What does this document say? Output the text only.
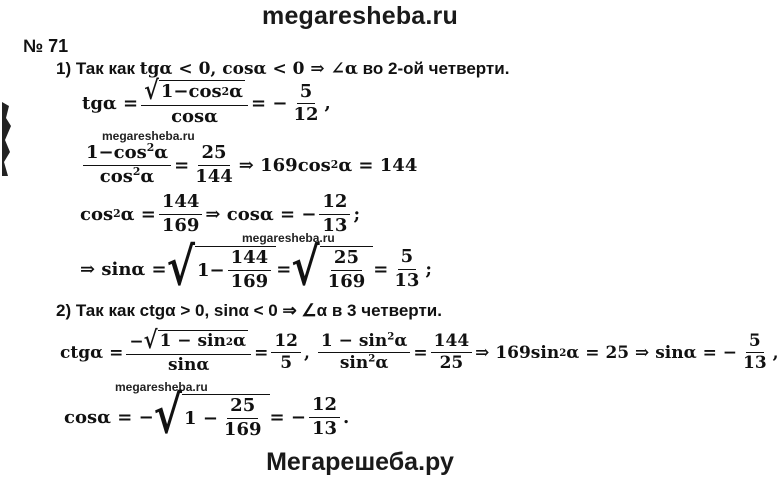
megaresheba.ru
№ 71
1) Так как tgα < 0, cosα < 0 ⇒ ∠α во 2-ой четверти.
$tg\alpha = \frac{√ 1-\cos 2 \alpha}{\cos\alpha}$ = − $\frac{5}{12}$ ,
megaresheba.ru
$\frac{1-\cos^2\alpha}{\cos^2\alpha} = \frac{25}{144}$ ⇒ 169cos 2 α = 144
cos 2 $\alpha = \frac{144}{169}$ ⇒ cosα = − $\frac{12}{13}$ ;
megaresheba.ru
⇒ sinα = √ $1- \frac{144}{169}$ = √ $\frac{25}{169} = \frac{5}{13}$ ;
2) Так как ctgα > 0, sinα < 0 ⇒ ∠α в 3 четверти.
$ctg\alpha = \frac{- √ 1 - \sin 2 \alpha}{\sin\alpha} = \frac{12}{5}$ , $\frac{1 - \sin^2\alpha}{\sin^2\alpha} = \frac{144}{25}$ ⇒ 169sin 2 α = 25 ⇒ sinα = − $\frac{5}{13}$ ,
megaresheba.ru
cosα = − √ $1 - \frac{25}{169}$ = − $\frac{12}{13}$ .
Мегарешеба.ру
